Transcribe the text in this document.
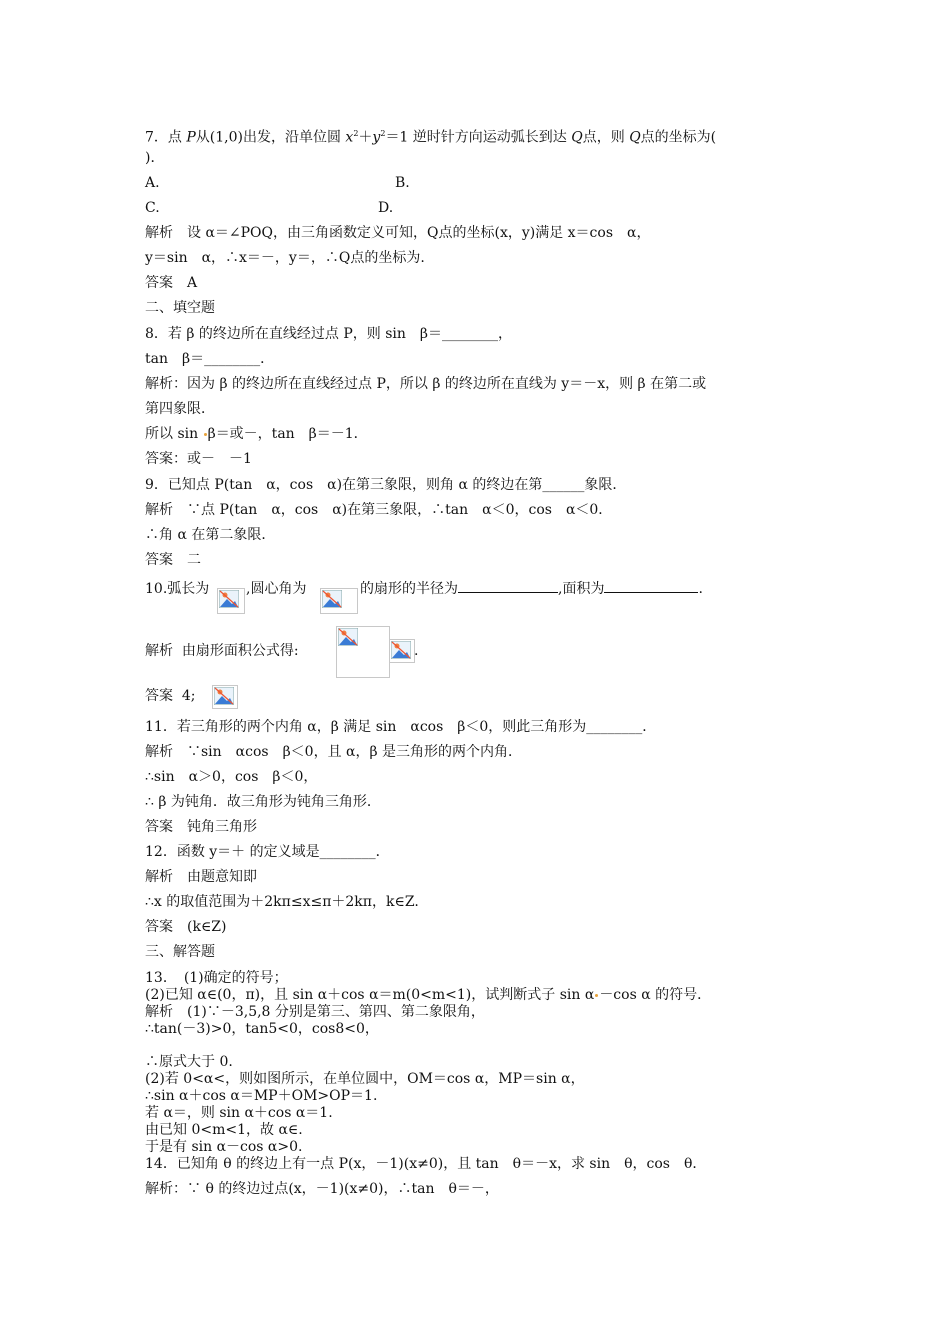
7．点 P从(1,0)出发，沿单位圆 $x^2+y^2=1$ 逆时针方向运动弧长到达 Q点，则 Q点的坐标为(
)．
A.	B.
C.	D.
解析　设 α＝∠POQ，由三角函数定义可知，Q点的坐标(x，y)满足 x＝cos　α，
y＝sin　α，∴x＝－，y＝，∴Q点的坐标为.
答案　A
二、填空题
8．若 β 的终边所在直线经过点 P，则 sin　β＝________，
tan　β＝________．
解析：因为 β 的终边所在直线经过点 P，所以 β 的终边所在直线为 y＝－x，则 β 在第二或
第四象限．
所以 sin β＝或－，tan　β＝－1．
答案：或－　－1
9．已知点 P(tan　α，cos　α)在第三象限，则角 α 的终边在第______象限．
解析　∵点 P(tan　α，cos　α)在第三象限，∴tan　α＜0，cos　α＜0．
∴角 α 在第二象限．
答案　二
10.弧长为	,圆心角为	的扇形的半径为	,面积为	.
解析  由扇形面积公式得:	.
答案  4;
11．若三角形的两个内角 α，β 满足 sin　αcos　β＜0，则此三角形为________．
解析　∵sin　αcos　β＜0，且 α，β 是三角形的两个内角．
∴sin　α＞0，cos　β＜0，
∴ β 为钝角．故三角形为钝角三角形．
答案　钝角三角形
12．函数 y＝＋ 的定义域是________．
解析　由题意知即
∴x 的取值范围为＋2kπ≤x≤π＋2kπ，k∈Z.
答案　(k∈Z)
三、解答题
13．　(1)确定的符号；
(2)已知 α∈(0，π)，且 sin α＋cos α＝m(0<m<1)，试判断式子 sin α －cos α 的符号．
解析　(1)∵－3,5,8 分别是第三、第四、第二象限角，
∴tan(－3)>0，tan5<0，cos8<0，
∴原式大于 0.
(2)若 0<α<，则如图所示，在单位圆中，OM＝cos α，MP＝sin α，
∴sin α＋cos α＝MP＋OM>OP＝1.
若 α＝，则 sin α＋cos α＝1.
由已知 0<m<1，故 α∈.
于是有 sin α－cos α>0.
14．已知角 θ 的终边上有一点 P(x，－1)(x≠0)，且 tan　θ＝－x，求 sin　θ，cos　θ．
解析：∵ θ 的终边过点(x，－1)(x≠0)，∴tan　θ＝－，
